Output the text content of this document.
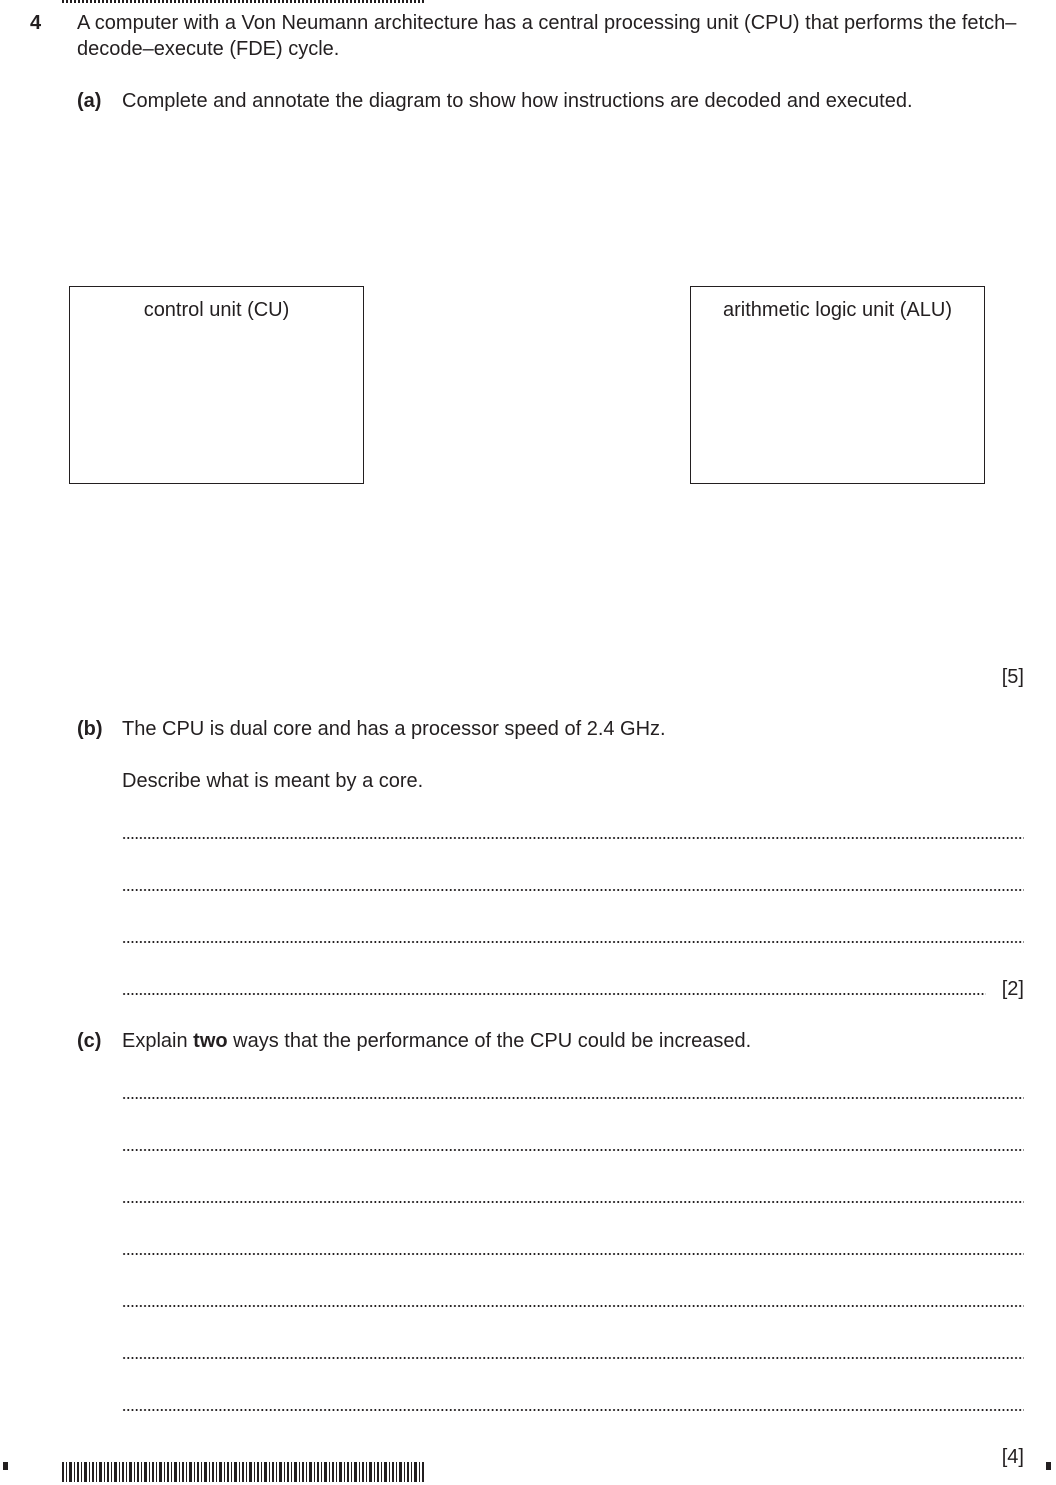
4 A computer with a Von Neumann architecture has a central processing unit (CPU) that performs the fetch–decode–execute (FDE) cycle.
(a) Complete and annotate the diagram to show how instructions are decoded and executed.
control unit (CU)	arithmetic logic unit (ALU)
[5]
(b) The CPU is dual core and has a processor speed of 2.4 GHz.
Describe what is meant by a core.
[2]
(c) Explain two ways that the performance of the CPU could be increased.
[4]
